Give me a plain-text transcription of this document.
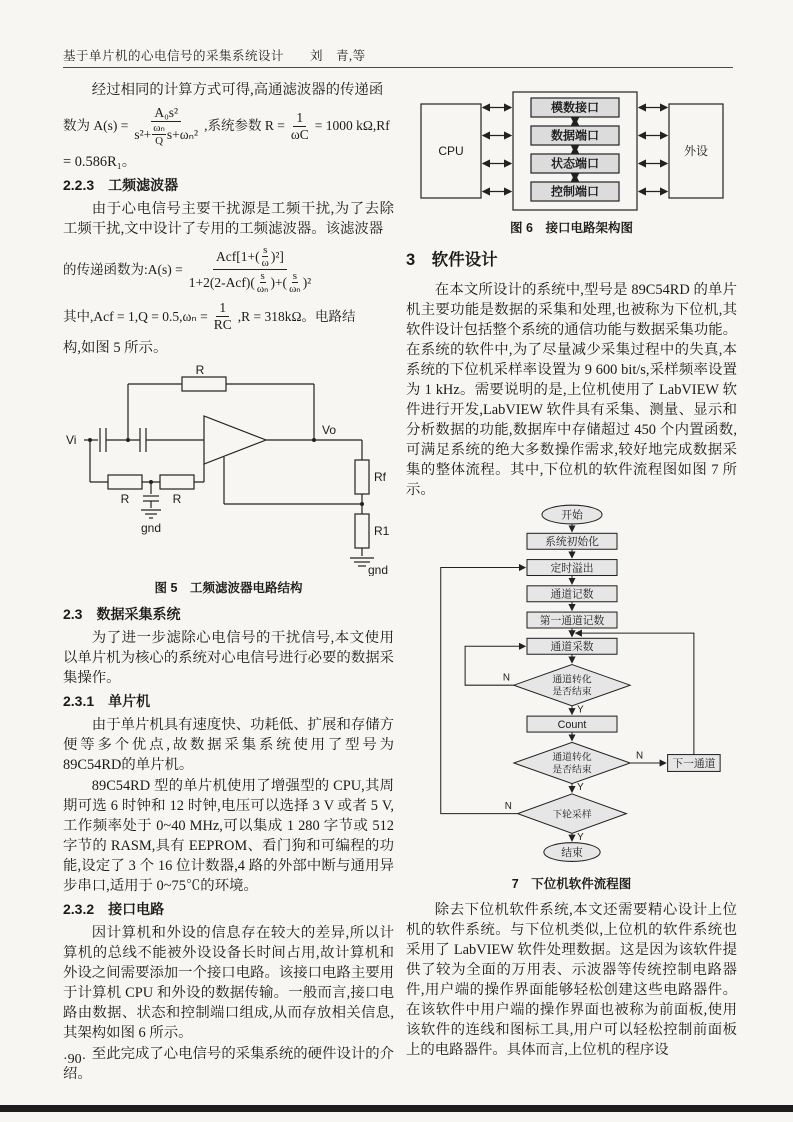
基于单片机的心电信号的采集系统设计　　刘　青,等

经过相同的计算方式可得,高通滤波器的传递函

数为 A(s) =
A₀s²
$s^2+ \frac{\text{ωₙ}}{Q} s+\omega_n^2$
,系统参数 $R = \frac{1}{\omega C} = 1000$ kΩ,Rf

= 0.586R₁。

2.2.3　工频滤波器

由于心电信号主要干扰源是工频干扰,为了去除工频干扰,文中设计了专用的工频滤波器。该滤波器

的传递函数为:A(s) =
$Acf[1+( \frac{s}{\omega} )^2]$
$1+2(2-Acf)( \frac{s}{\text{ωₙ}}$ )+( $\frac{s}{\text{ωₙ}} )^2$
其中$,Acf = 1,Q = 0.5,\omega_n = \frac{1}{RC} ,R = 318k\Omega$。电路结

构,如图 5 所示。

Vi
R
Vo
R	R
gnd
Rf
R1
gnd

图 5　工频滤波器电路结构

2.3　数据采集系统

为了进一步滤除心电信号的干扰信号,本文使用以单片机为核心的系统对心电信号进行必要的数据采集操作。

2.3.1　单片机

由于单片机具有速度快、功耗低、扩展和存储方便等多个优点,故数据采集系统使用了型号为89C54RD的单片机。

89C54RD 型的单片机使用了增强型的 CPU,其周期可选 6 时钟和 12 时钟,电压可以选择 3 V 或者 5 V,工作频率处于 0~40 MHz,可以集成 1 280 字节或 512 字节的 RASM,具有 EEPROM、看门狗和可编程的功能,设定了 3 个 16 位计数器,4 路的外部中断与通用异步串口,适用于 0~75℃的环境。

2.3.2　接口电路

因计算机和外设的信息存在较大的差异,所以计算机的总线不能被外设设备长时间占用,故计算机和外设之间需要添加一个接口电路。该接口电路主要用于计算机 CPU 和外设的数据传输。一般而言,接口电路由数据、状态和控制端口组成,从而存放相关信息,其架构如图 6 所示。

至此完成了心电信号的采集系统的硬件设计的介绍。

CPU	外设
模数接口
数据端口
状态端口
控制端口

图 6　接口电路架构图

3　软件设计

在本文所设计的系统中,型号是 89C54RD 的单片机主要功能是数据的采集和处理,也被称为下位机,其软件设计包括整个系统的通信功能与数据采集功能。在系统的软件中,为了尽量减少采集过程中的失真,本系统的下位机采样率设置为 9 600 bit/s,采样频率设置为 1 kHz。需要说明的是,上位机使用了 LabVIEW 软件进行开发,LabVIEW 软件具有采集、测量、显示和分析数据的功能,数据库中存储超过 450 个内置函数,可满足系统的绝大多数操作需求,较好地完成数据采集的整体流程。其中,下位机的软件流程图如图 7 所示。

开始
系统初始化
定时溢出
通道记数
第一通道记数
通道采数
通道转化
是否结束
Count
通道转化
是否结束	下一通道
下轮采样
结束
N
Y
N
Y
N
Y

7　下位机软件流程图

除去下位机软件系统,本文还需要精心设计上位机的软件系统。与下位机类似,上位机的软件系统也采用了 LabVIEW 软件处理数据。这是因为该软件提供了较为全面的万用表、示波器等传统控制电路器件,用户端的操作界面能够轻松创建这些电路器件。在该软件中用户端的操作界面也被称为前面板,使用该软件的连线和图标工具,用户可以轻松控制前面板上的电路器件。具体而言,上位机的程序设

·90·
